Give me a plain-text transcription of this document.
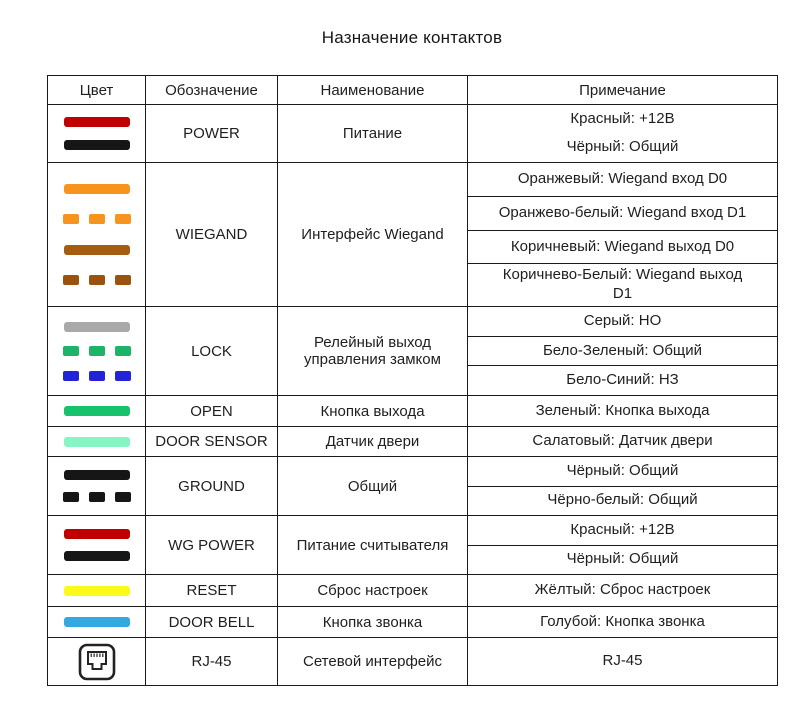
Назначение контактов
Цвет	Обозначение	Наименование	Примечание

	POWER	Питание	Красный: +12В
Чёрный: Общий

	WIEGAND	Интерфейс Wiegand	Оранжевый: Wiegand вход D0
Оранжево-белый: Wiegand вход D1
Коричневый: Wiegand выход D0
Коричнево-Белый: Wiegand выход D1

	LOCK	Релейный выход управления замком	Серый: НО
Бело-Зеленый: Общий
Бело-Синий: НЗ

	OPEN	Кнопка выхода	Зеленый: Кнопка выхода

	DOOR SENSOR	Датчик двери	Салатовый: Датчик двери

	GROUND	Общий	Чёрный: Общий
Чёрно-белый: Общий

	WG POWER	Питание считывателя	Красный: +12В
Чёрный: Общий

	RESET	Сброс настроек	Жёлтый: Сброс настроек

	DOOR BELL	Кнопка звонка	Голубой: Кнопка звонка

	RJ-45	Сетевой интерфейс	RJ-45
